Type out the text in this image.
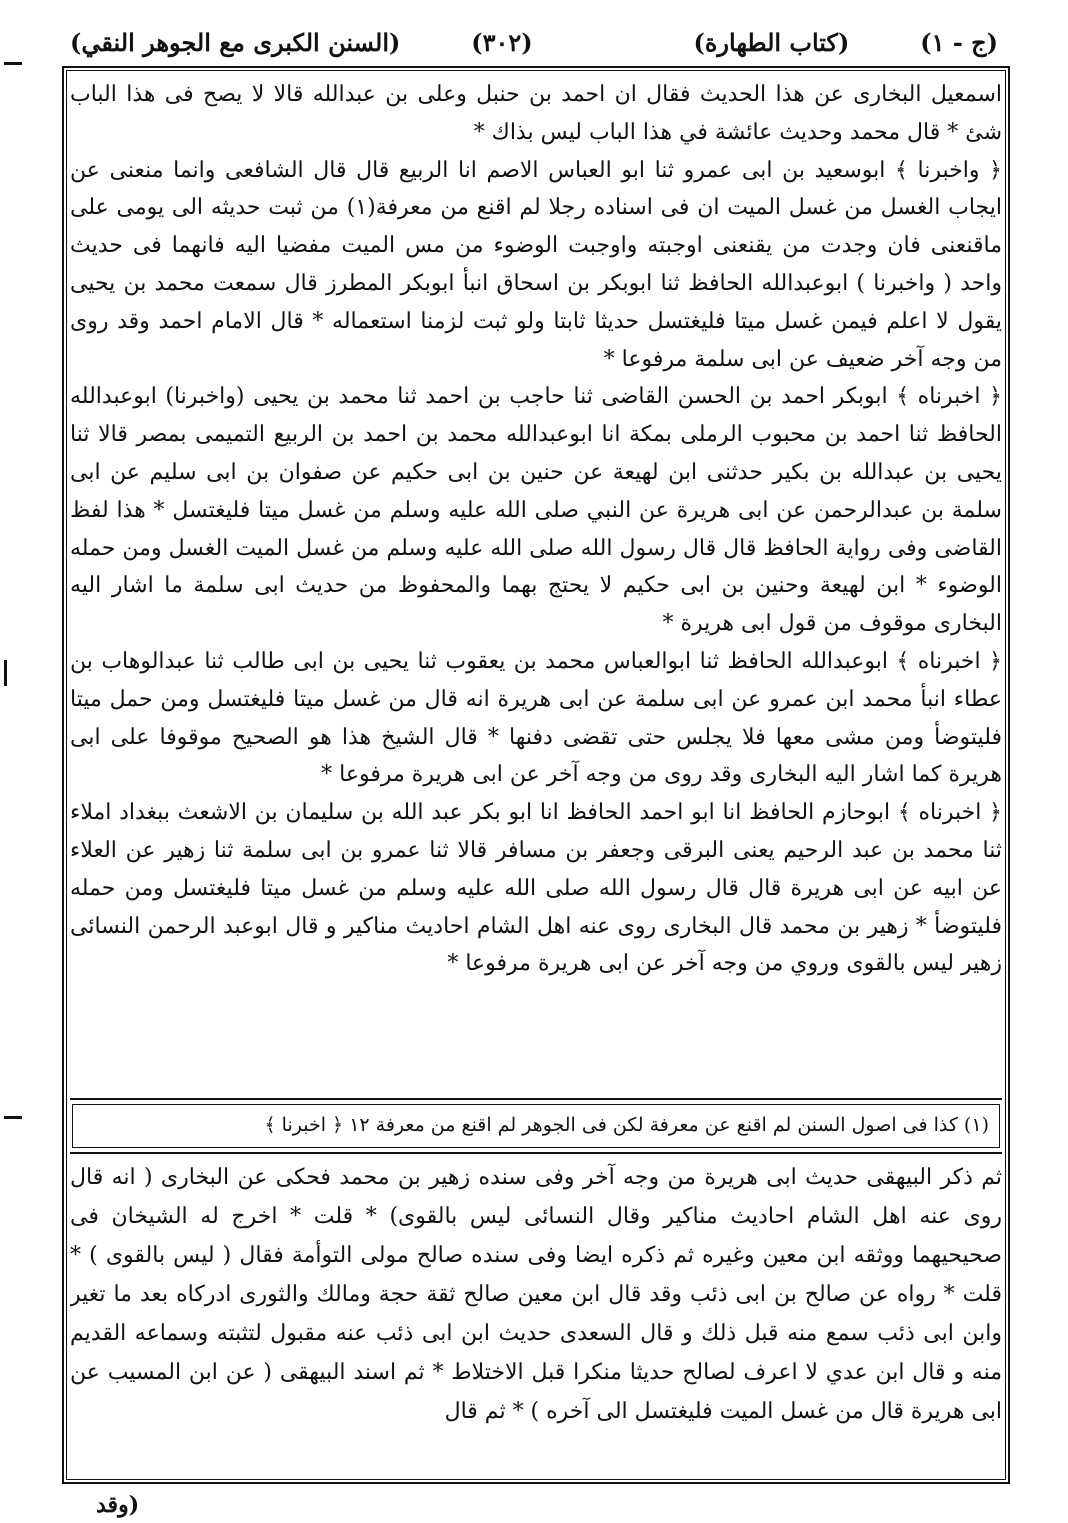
(السنن الكبرى مع الجوهر النقي)	(٣٠٢)	(كتاب الطهارة)	(ج - ١)

اسمعيل البخارى عن هذا الحديث فقال ان احمد بن حنبل وعلى بن عبدالله قالا لا يصح فى هذا الباب شئ * قال محمد وحديث عائشة في هذا الباب ليس بذاك *

﴿ واخبرنا ﴾ ابوسعيد بن ابى عمرو ثنا ابو العباس الاصم انا الربيع قال قال الشافعى وانما منعنى عن ايجاب الغسل من غسل الميت ان فى اسناده رجلا لم اقنع من معرفة(١) من ثبت حديثه الى يومى على ماقنعنى فان وجدت من يقنعنى اوجبته واوجبت الوضوء من مس الميت مفضيا اليه فانهما فى حديث واحد ( واخبرنا ) ابوعبدالله الحافظ ثنا ابوبكر بن اسحاق انبأ ابوبكر المطرز قال سمعت محمد بن يحيى يقول لا اعلم فيمن غسل ميتا فليغتسل حديثا ثابتا ولو ثبت لزمنا استعماله * قال الامام احمد وقد روى من وجه آخر ضعيف عن ابى سلمة مرفوعا *

﴿ اخبرناه ﴾ ابوبكر احمد بن الحسن القاضى ثنا حاجب بن احمد ثنا محمد بن يحيى (واخبرنا) ابوعبدالله الحافظ ثنا احمد بن محبوب الرملى بمكة انا ابوعبدالله محمد بن احمد بن الربيع التميمى بمصر قالا ثنا يحيى بن عبدالله بن بكير حدثنى ابن لهيعة عن حنين بن ابى حكيم عن صفوان بن ابى سليم عن ابى سلمة بن عبدالرحمن عن ابى هريرة عن النبي صلى الله عليه وسلم من غسل ميتا فليغتسل * هذا لفظ القاضى وفى رواية الحافظ قال قال رسول الله صلى الله عليه وسلم من غسل الميت الغسل ومن حمله الوضوء * ابن لهيعة وحنين بن ابى حكيم لا يحتج بهما والمحفوظ من حديث ابى سلمة ما اشار اليه البخارى موقوف من قول ابى هريرة *

﴿ اخبرناه ﴾ ابوعبدالله الحافظ ثنا ابوالعباس محمد بن يعقوب ثنا يحيى بن ابى طالب ثنا عبدالوهاب بن عطاء انبأ محمد ابن عمرو عن ابى سلمة عن ابى هريرة انه قال من غسل ميتا فليغتسل ومن حمل ميتا فليتوضأ ومن مشى معها فلا يجلس حتى تقضى دفنها * قال الشيخ هذا هو الصحيح موقوفا على ابى هريرة كما اشار اليه البخارى وقد روى من وجه آخر عن ابى هريرة مرفوعا *

﴿ اخبرناه ﴾ ابوحازم الحافظ انا ابو احمد الحافظ انا ابو بكر عبد الله بن سليمان بن الاشعث ببغداد املاء ثنا محمد بن عبد الرحيم يعنى البرقى وجعفر بن مسافر قالا ثنا عمرو بن ابى سلمة ثنا زهير عن العلاء عن ابيه عن ابى هريرة قال قال رسول الله صلى الله عليه وسلم من غسل ميتا فليغتسل ومن حمله فليتوضأ * زهير بن محمد قال البخارى روى عنه اهل الشام احاديث مناكير و قال ابوعبد الرحمن النسائى زهير ليس بالقوى وروي من وجه آخر عن ابى هريرة مرفوعا *

(١) كذا فى اصول السنن لم اقنع عن معرفة لكن فى الجوهر لم اقنع من معرفة ١٢ ﴿ اخبرنا ﴾

ثم ذكر البيهقى حديث ابى هريرة من وجه آخر وفى سنده زهير بن محمد فحكى عن البخارى ( انه قال روى عنه اهل الشام احاديث مناكير وقال النسائى ليس بالقوى) * قلت * اخرج له الشيخان فى صحيحيهما ووثقه ابن معين وغيره ثم ذكره ايضا وفى سنده صالح مولى التوأمة فقال ( ليس بالقوى ) * قلت * رواه عن صالح بن ابى ذئب وقد قال ابن معين صالح ثقة حجة ومالك والثورى ادركاه بعد ما تغير وابن ابى ذئب سمع منه قبل ذلك و قال السعدى حديث ابن ابى ذئب عنه مقبول لتثبته وسماعه القديم منه و قال ابن عدي لا اعرف لصالح حديثا منكرا قبل الاختلاط * ثم اسند البيهقى ( عن ابن المسيب عن ابى هريرة قال من غسل الميت فليغتسل الى آخره ) * ثم قال

(وقد
